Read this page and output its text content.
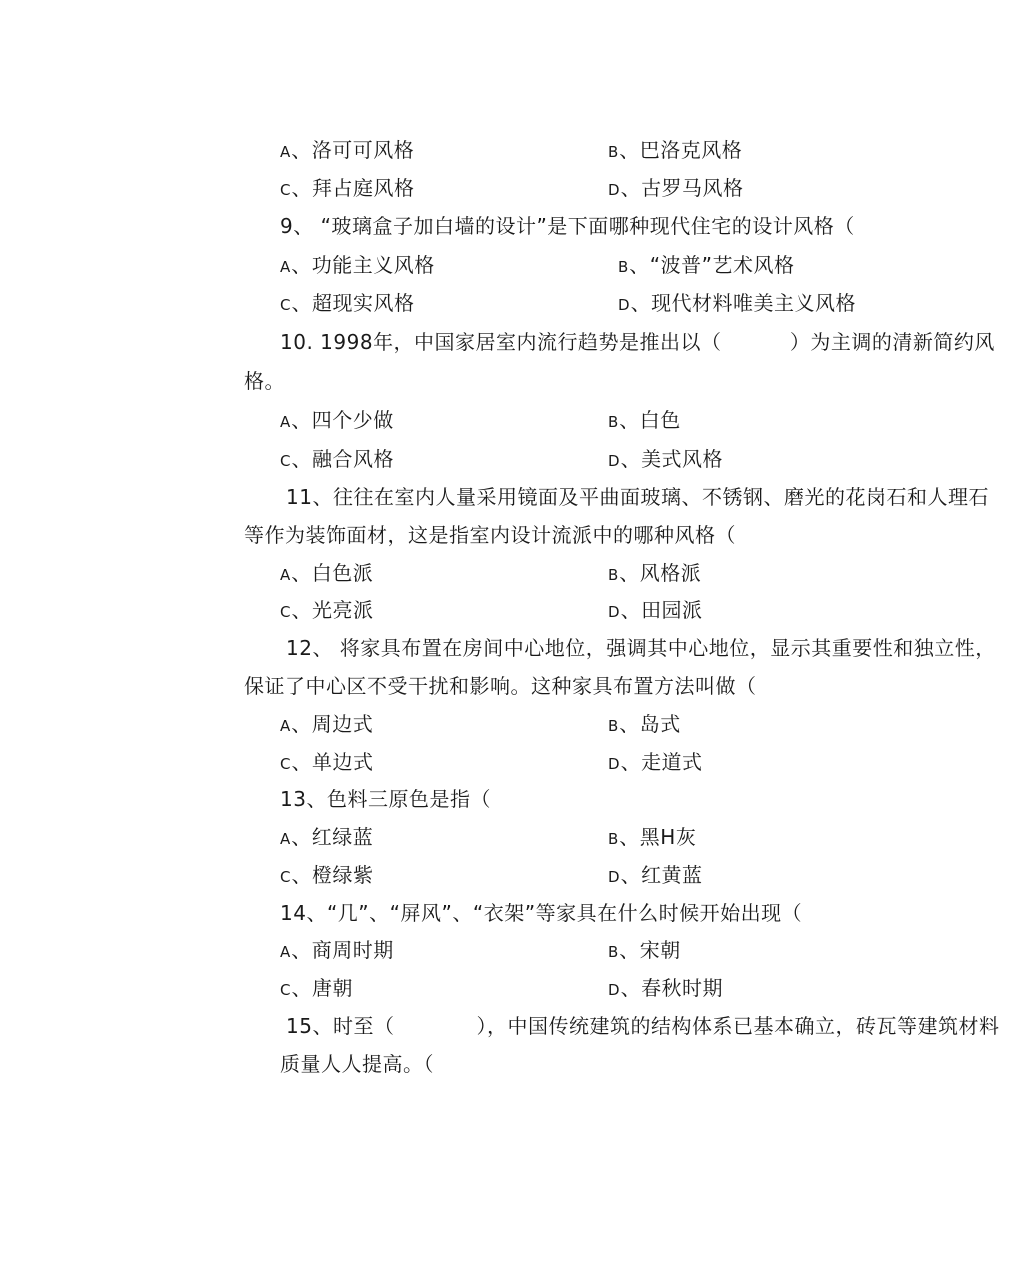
A、洛可可风格	B、巴洛克风格
C、拜占庭风格	D、古罗马风格
9、 “玻璃盒子加白墙的设计”是下面哪种现代住宅的设计风格（
A、功能主义风格	B、“波普”艺术风格
C、超现实风格	D、现代材料唯美主义风格
10. 1998年，中国家居室内流行趋势是推出以（　　　 ）为主调的清新简约风
格。
A、四个少做	B、白色
C、融合风格	D、美式风格
11、往往在室内人量采用镜面及平曲面玻璃、不锈钢、磨光的花岗石和人理石
等作为装饰面材，这是指室内设计流派中的哪种风格（
A、白色派	B、风格派
C、光亮派	D、田园派
12、 将家具布置在房间中心地位，强调其中心地位，显示其重要性和独立性，
保证了中心区不受干扰和影响。这种家具布置方法叫做（
A、周边式	B、岛式
C、单边式	D、走道式
13、色料三原色是指（
A、红绿蓝	B、黑H灰
C、橙绿紫	D、红黄蓝
14、“几”、“屏风”、“衣架”等家具在什么时候开始出现（
A、商周时期	B、宋朝
C、唐朝	D、春秋时期
15、时至（　　　　），中国传统建筑的结构体系已基本确立，砖瓦等建筑材料
质量人人提高。（
